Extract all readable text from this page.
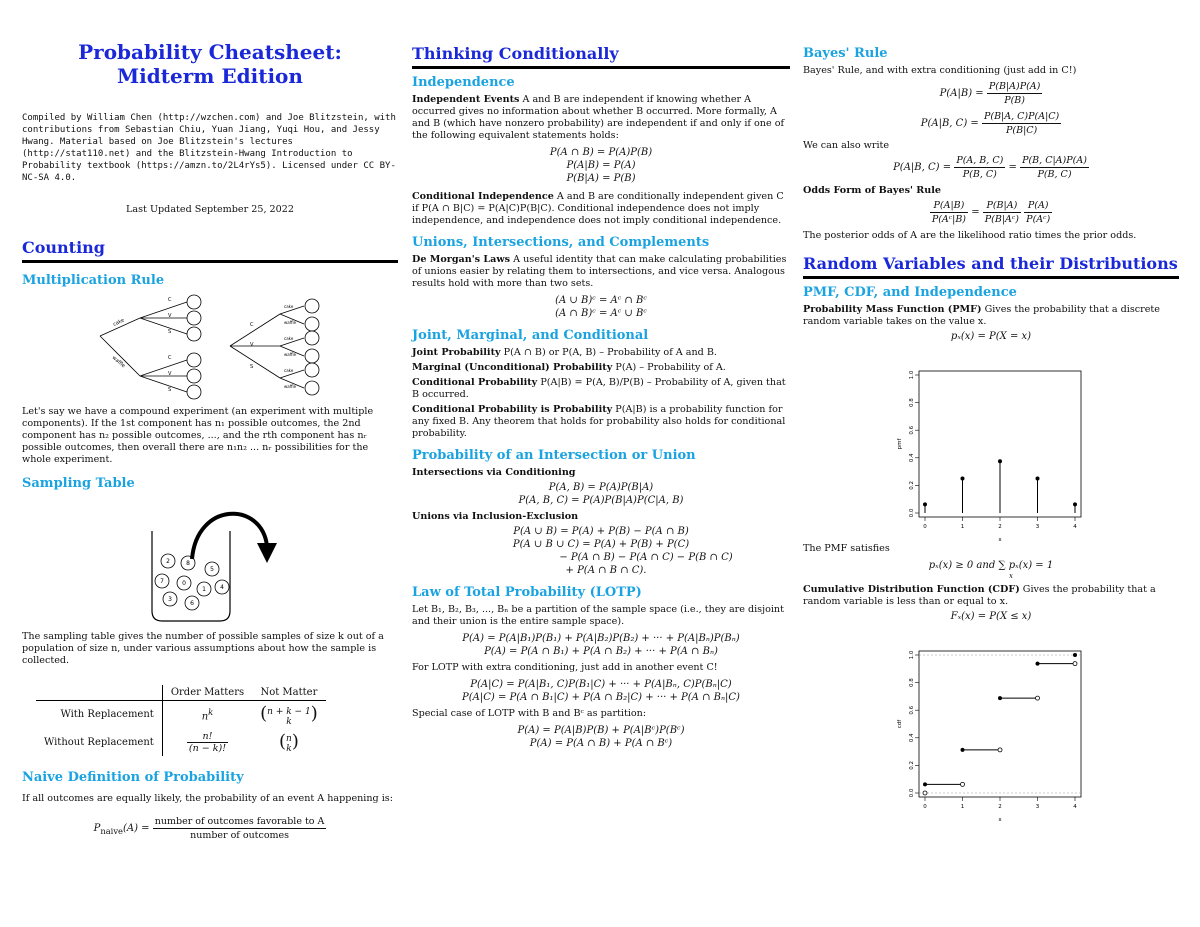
Probability Cheatsheet:
Midterm Edition

Compiled by William Chen (http://wzchen.com) and Joe Blitzstein, with contributions from Sebastian Chiu, Yuan Jiang, Yuqi Hou, and Jessy Hwang. Material based on Joe Blitzstein's lectures (http://stat110.net) and the Blitzstein-Hwang Introduction to Probability textbook (https://amzn.to/2L4rYs5). Licensed under CC BY-NC-SA 4.0.

Last Updated September 25, 2022

Counting
Multiplication Rule
cake
waffle
C
V
S
C
V
S
C
V
S
cake
waffle
cake
waffle
cake
waffle

Let's say we have a compound experiment (an experiment with multiple components). If the 1st component has n₁ possible outcomes, the 2nd component has n₂ possible outcomes, ..., and the rth component has nᵣ possible outcomes, then overall there are n₁n₂ ... nᵣ possibilities for the whole experiment.

Sampling Table
2	8
5
7	0
1 4
3
6

The sampling table gives the number of possible samples of size k out of a population of size n, under various assumptions about how the sample is collected.

	Order Matters	Not Matter
With Replacement	$n^k$	( n + k − 1
k )
Without Replacement	$\frac{n!}{(n - k)!}$	( n
k )
Naive Definition of Probability

If all outcomes are equally likely, the probability of an event A happening is:

$P_{naive}(A) = \frac{\text{number of outcomes favorable to A}}{\text{number of outcomes}}$
Thinking Conditionally
Independence

Independent Events A and B are independent if knowing whether A occurred gives no information about whether B occurred. More formally, A and B (which have nonzero probability) are independent if and only if one of the following equivalent statements holds:

P(A ∩ B) = P(A)P(B)
P(A|B) = P(A)
P(B|A) = P(B)

Conditional Independence A and B are conditionally independent given C if P(A ∩ B|C) = P(A|C)P(B|C). Conditional independence does not imply independence, and independence does not imply conditional independence.

Unions, Intersections, and Complements

De Morgan's Laws A useful identity that can make calculating probabilities of unions easier by relating them to intersections, and vice versa. Analogous results hold with more than two sets.

(A ∪ B)ᶜ = Aᶜ ∩ Bᶜ
(A ∩ B)ᶜ = Aᶜ ∪ Bᶜ
Joint, Marginal, and Conditional

Joint Probability P(A ∩ B) or P(A, B) – Probability of A and B.

Marginal (Unconditional) Probability P(A) – Probability of A.

Conditional Probability P(A|B) = P(A, B)/P(B) – Probability of A, given that B occurred.

Conditional Probability is Probability P(A|B) is a probability function for any fixed B. Any theorem that holds for probability also holds for conditional probability.

Probability of an Intersection or Union

Intersections via Conditioning

P(A, B) = P(A)P(B|A)
P(A, B, C) = P(A)P(B|A)P(C|A, B)

Unions via Inclusion-Exclusion

P(A ∪ B) = P(A) + P(B) − P(A ∩ B)
P(A ∪ B ∪ C) = P(A) + P(B) + P(C)
− P(A ∩ B) − P(A ∩ C) − P(B ∩ C)
+ P(A ∩ B ∩ C).
Law of Total Probability (LOTP)

Let B₁, B₂, B₃, ..., Bₙ be a partition of the sample space (i.e., they are disjoint and their union is the entire sample space).

P(A) = P(A|B₁)P(B₁) + P(A|B₂)P(B₂) + ··· + P(A|Bₙ)P(Bₙ)
P(A) = P(A ∩ B₁) + P(A ∩ B₂) + ··· + P(A ∩ Bₙ)

For LOTP with extra conditioning, just add in another event C!

P(A|C) = P(A|B₁, C)P(B₁|C) + ··· + P(A|Bₙ, C)P(Bₙ|C)
P(A|C) = P(A ∩ B₁|C) + P(A ∩ B₂|C) + ··· + P(A ∩ Bₙ|C)

Special case of LOTP with B and Bᶜ as partition:

P(A) = P(A|B)P(B) + P(A|Bᶜ)P(Bᶜ)
P(A) = P(A ∩ B) + P(A ∩ Bᶜ)
Bayes' Rule

Bayes' Rule, and with extra conditioning (just add in C!)

$P(A|B) = \frac{P(B|A)P(A)}{P(B)}$
P(A|B, $C) = \frac{P(B|A, C)P(A|C)}{P(B|C)}$

We can also write

P(A|B, $C) = \frac{P(A, B, C)}{P(B, C)} = \frac{P(B, C|A)P(A)}{P(B, C)}$

Odds Form of Bayes' Rule

$\frac{P(A|B)}{\text{P(Aᶜ|B)}} = \frac{P(B|A)}{\text{P(B|Aᶜ)}}$
$\frac{P(A)}{\text{P(Aᶜ)}}$

The posterior odds of A are the likelihood ratio times the prior odds.

Random Variables and their Distributions
PMF, CDF, and Independence

Probability Mass Function (PMF) Gives the probability that a discrete random variable takes on the value x.

pₓ(x) = P(X = x)
0.0
0.2
0.4
0.6
0.8
1.0
0	1	2	3	4
x
pmf

The PMF satisfies

pₓ(x) ≥ 0 and ∑ pₓ(x) = 1
x

Cumulative Distribution Function (CDF) Gives the probability that a random variable is less than or equal to x.

Fₓ(x) = P(X ≤ x)
0.0
0.2
0.4
0.6
0.8
1.0
0	1	2	3	4
x
cdf
